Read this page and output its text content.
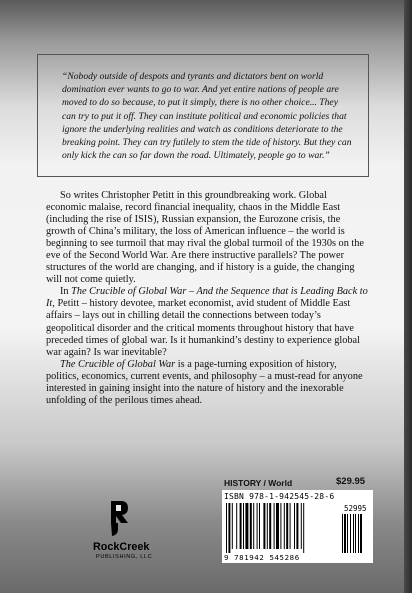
“Nobody outside of despots and tyrants and dictators bent on world domination ever wants to go to war. And yet entire nations of people are moved to do so because, to put it simply, there is no other choice... They can try to put it off. They can institute political and economic policies that ignore the underlying realities and watch as conditions deteriorate to the breaking point. They can try futilely to stem the tide of history. But they can only kick the can so far down the road. Ultimately, people go to war.”

So writes Christopher Petitt in this groundbreaking work. Global economic malaise, record financial inequality, chaos in the Middle East (including the rise of ISIS), Russian expansion, the Eurozone crisis, the growth of China’s military, the loss of American influence – the world is beginning to see turmoil that may rival the global turmoil of the 1930s on the eve of the Second World War. Are there instructive parallels? The power structures of the world are changing, and if history is a guide, the changing will not come quietly.

In The Crucible of Global War – And the Sequence that is Leading Back to It, Petitt – history devotee, market economist, avid student of Middle East affairs – lays out in chilling detail the connections between today’s geopolitical disorder and the critical moments throughout history that have preceded times of global war. Is it humankind’s destiny to experience global war again? Is war inevitable?

The Crucible of Global War is a page-turning exposition of history, politics, economics, current events, and philosophy – a must-read for anyone interested in gaining insight into the nature of history and the inexorable unfolding of the perilous times ahead.

RockCreek
PUBLISHING, LLC
HISTORY / World	$29.95
ISBN 978-1-942545-28-6
52995
9 781942 545286
